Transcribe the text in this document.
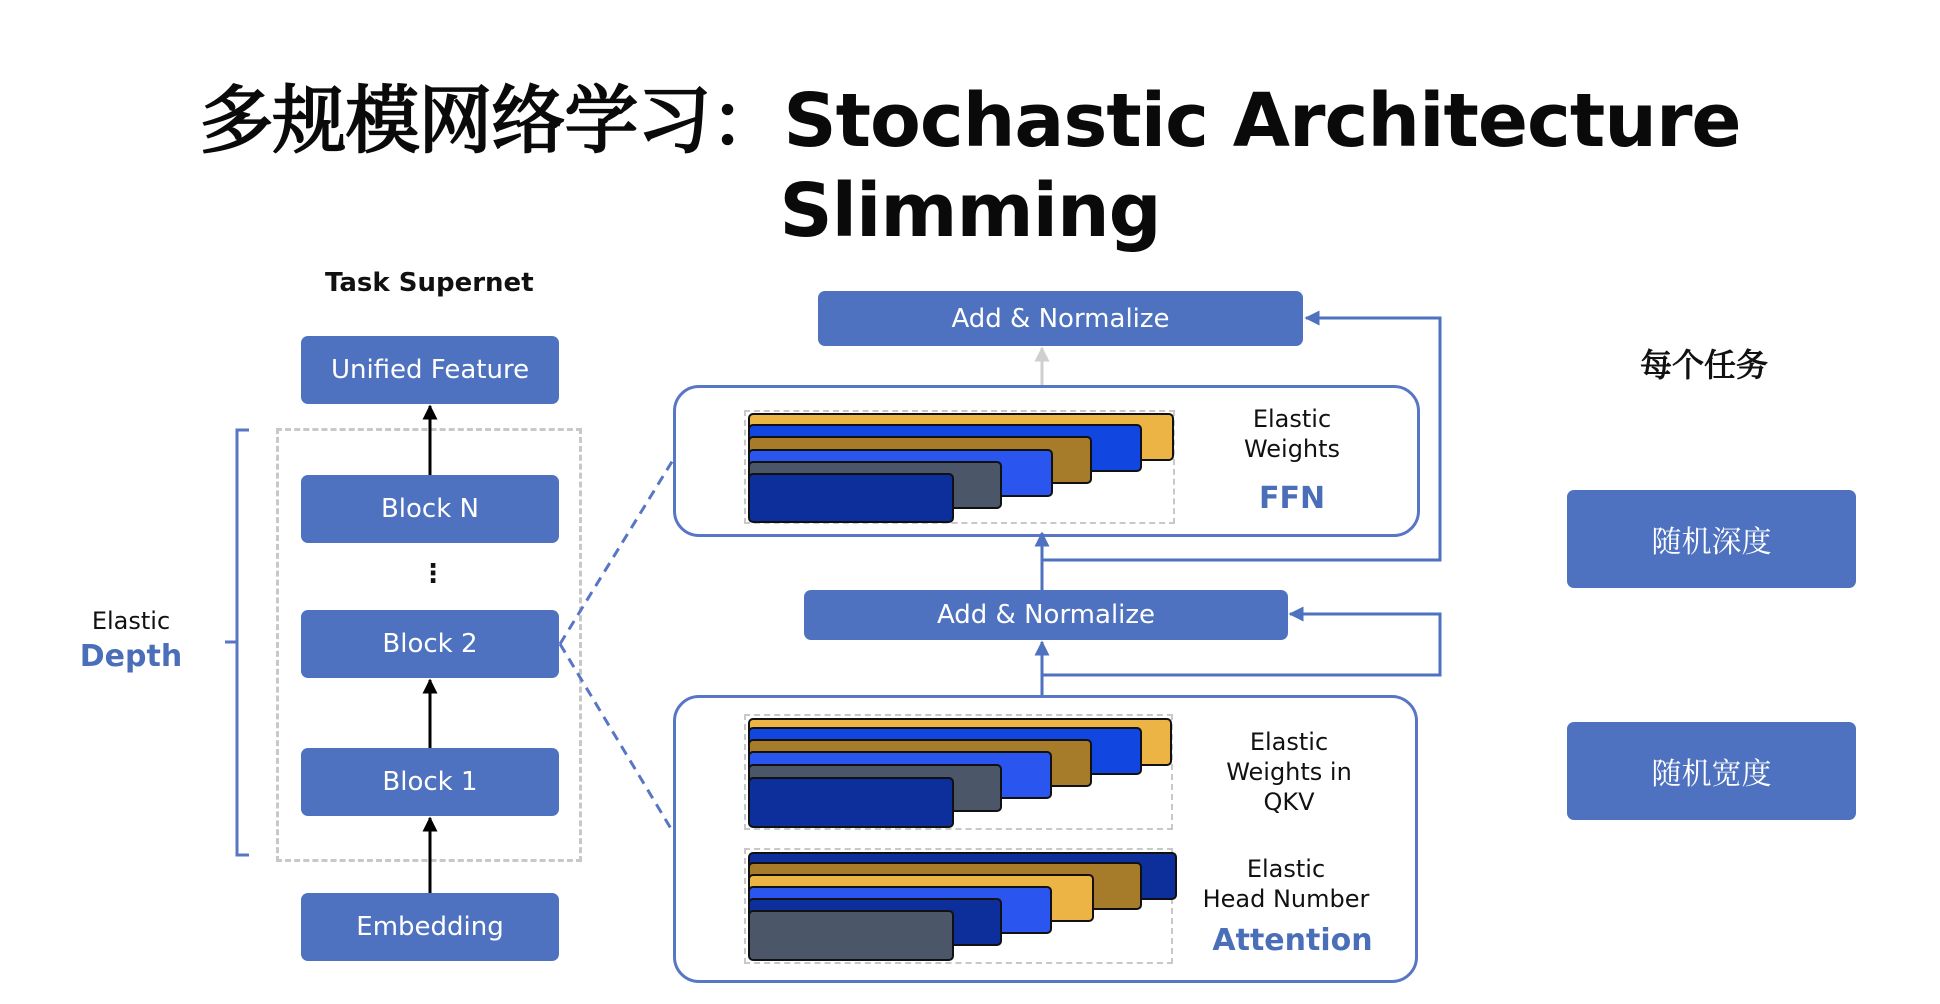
多规模网络学习：Stochastic Architecture Slimming
Task Supernet
Unified Feature
Block N
⋮
Block 2
Block 1
Embedding
Elastic
Depth
Add & Normalize
Elastic
Weights
FFN
Add & Normalize
Elastic
Weights in
QKV
Elastic
Head Number
Attention
每个任务
随机深度
随机宽度
